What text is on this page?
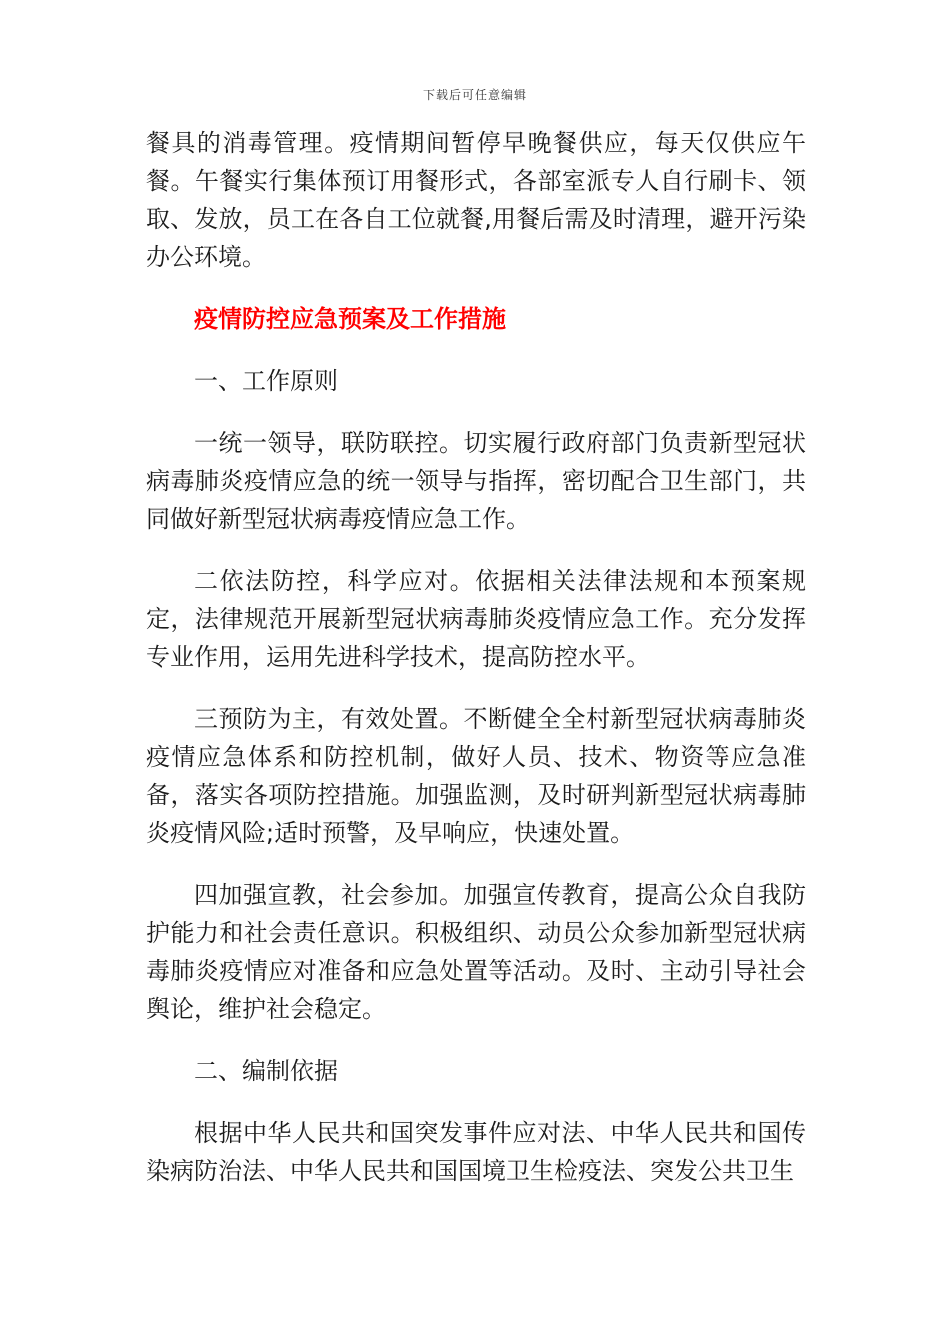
下载后可任意编辑

餐具的消毒管理。疫情期间暂停早晚餐供应，每天仅供应午餐。午餐实行集体预订用餐形式，各部室派专人自行刷卡、领取、发放，员工在各自工位就餐,用餐后需及时清理，避开污染办公环境。

疫情防控应急预案及工作措施

一、工作原则

一统一领导，联防联控。切实履行政府部门负责新型冠状病毒肺炎疫情应急的统一领导与指挥，密切配合卫生部门，共同做好新型冠状病毒疫情应急工作。

二依法防控，科学应对。依据相关法律法规和本预案规定，法律规范开展新型冠状病毒肺炎疫情应急工作。充分发挥专业作用，运用先进科学技术，提高防控水平。

三预防为主，有效处置。不断健全全村新型冠状病毒肺炎疫情应急体系和防控机制，做好人员、技术、物资等应急准备，落实各项防控措施。加强监测，及时研判新型冠状病毒肺炎疫情风险;适时预警，及早响应，快速处置。

四加强宣教，社会参加。加强宣传教育，提高公众自我防护能力和社会责任意识。积极组织、动员公众参加新型冠状病毒肺炎疫情应对准备和应急处置等活动。及时、主动引导社会舆论，维护社会稳定。

二、编制依据

根据中华人民共和国突发事件应对法、中华人民共和国传染病防治法、中华人民共和国国境卫生检疫法、突发公共卫生
